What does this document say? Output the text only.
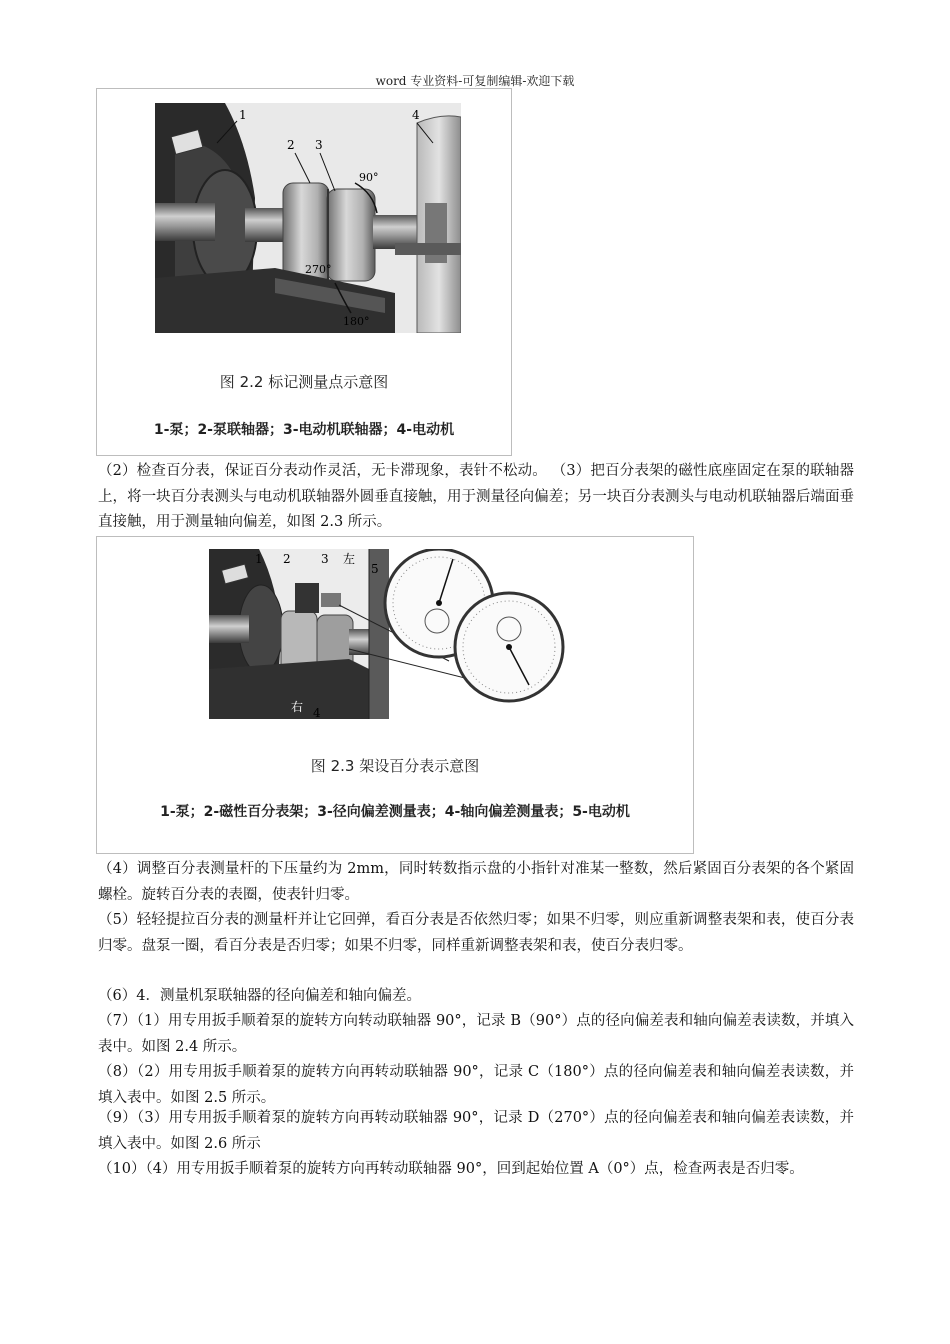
word 专业资料-可复制编辑-欢迎下载
1
2 3
4
90°
270°
180°
图 2.2 标记测量点示意图
1-泵；2-泵联轴器；3-电动机联轴器；4-电动机
（2）检查百分表，保证百分表动作灵活，无卡滞现象，表针不松动。 （3）把百分表架的磁性底座固定在泵的联轴器上，将一块百分表测头与电动机联轴器外圆垂直接触，用于测量径向偏差；另一块百分表测头与电动机联轴器后端面垂直接触，用于测量轴向偏差，如图 2.3 所示。
1 2	3 左
5
右 4
图 2.3 架设百分表示意图
1-泵；2-磁性百分表架；3-径向偏差测量表；4-轴向偏差测量表；5-电动机
（4）调整百分表测量杆的下压量约为 2mm，同时转数指示盘的小指针对准某一整数，然后紧固百分表架的各个紧固螺栓。旋转百分表的表圈，使表针归零。
（5）轻轻提拉百分表的测量杆并让它回弹，看百分表是否依然归零；如果不归零，则应重新调整表架和表，使百分表归零。盘泵一圈，看百分表是否归零；如果不归零，同样重新调整表架和表，使百分表归零。
（6）4．测量机泵联轴器的径向偏差和轴向偏差。
（7）（1）用专用扳手顺着泵的旋转方向转动联轴器 90°，记录 B（90°）点的径向偏差表和轴向偏差表读数，并填入表中。如图 2.4 所示。
（8）（2）用专用扳手顺着泵的旋转方向再转动联轴器 90°，记录 C（180°）点的径向偏差表和轴向偏差表读数，并填入表中。如图 2.5 所示。
（9）（3）用专用扳手顺着泵的旋转方向再转动联轴器 90°，记录 D（270°）点的径向偏差表和轴向偏差表读数，并填入表中。如图 2.6 所示
（10）（4）用专用扳手顺着泵的旋转方向再转动联轴器 90°，回到起始位置 A（0°）点，检查两表是否归零。
